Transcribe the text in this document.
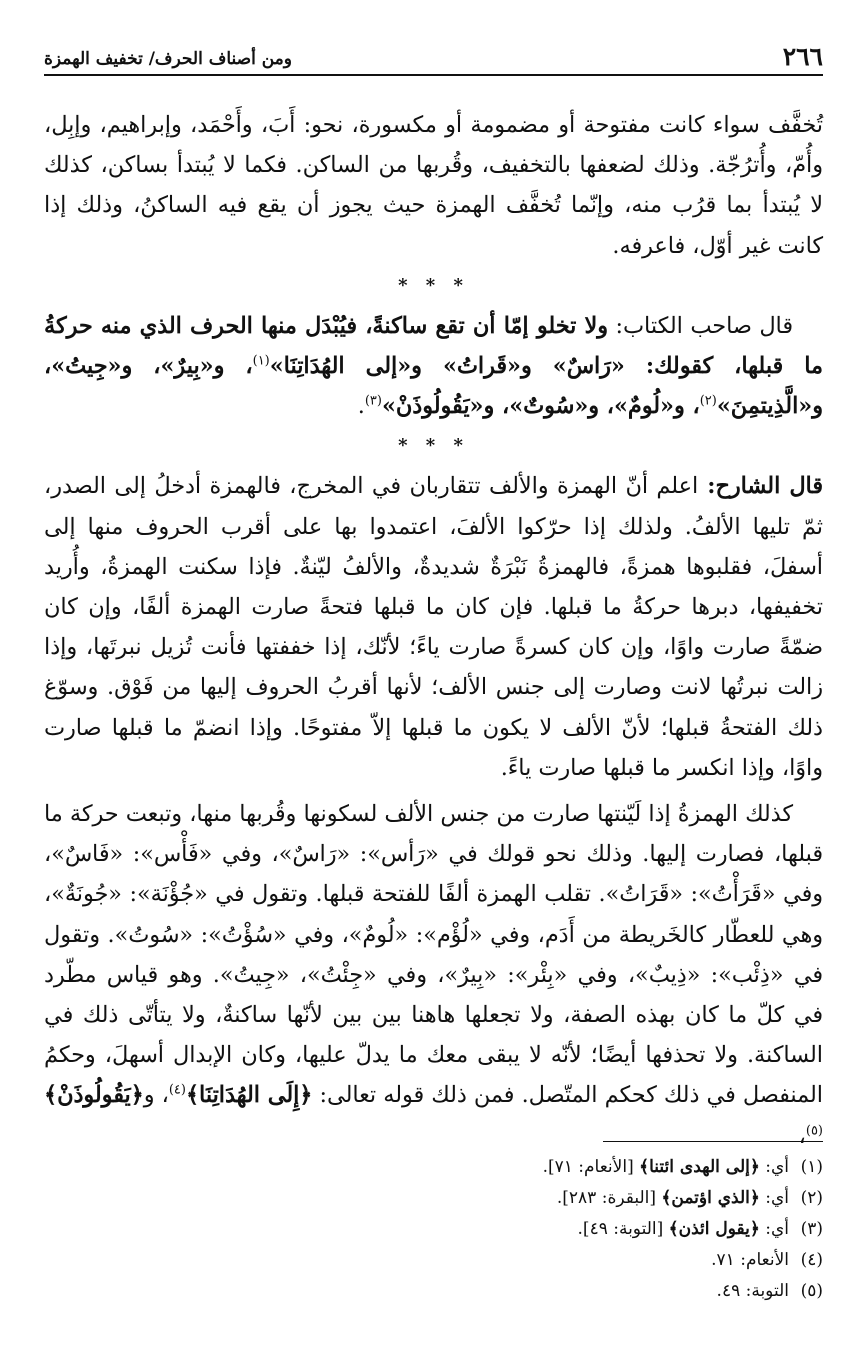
٢٦٦
ومن أصناف الحرف/ تخفيف الهمزة

تُخفَّف سواء كانت مفتوحة أو مضمومة أو مكسورة، نحو: أَبَ، وأَحْمَد، وإبراهيم، وإبِل، وأُمّ، وأُترُجّة. وذلك لضعفها بالتخفيف، وقُربها من الساكن. فكما لا يُبتدأ بساكن، كذلك لا يُبتدأ بما قرُب منه، وإنّما تُخفَّف الهمزة حيث يجوز أن يقع فيه الساكنُ، وذلك إذا كانت غير أوّل، فاعرفه.

* * *

قال صاحب الكتاب: ولا تخلو إمّا أن تقع ساكنةً، فيُبْدَل منها الحرف الذي منه حركةُ ما قبلها، كقولك: «رَاسٌ» و«قَراتُ» و«إلى الهُدَاتِنَا»$^{(١)}$، و«بِيرٌ»، و«جِيتُ»، و«الَّذِيتمِنَ»$^{(٢)}$، و«لُومٌ»، و«سُوتٌ»، و«يَقُولُوذَنْ»$^{(٣)}$.

* * *

قال الشارح: اعلم أنّ الهمزة والألف تتقاربان في المخرج، فالهمزة أدخلُ إلى الصدر، ثمّ تليها الألفُ. ولذلك إذا حرّكوا الألفَ، اعتمدوا بها على أقرب الحروف منها إلى أسفلَ، فقلبوها همزةً، فالهمزةُ نَبْرَةٌ شديدةٌ، والألفُ ليّنةٌ. فإذا سكنت الهمزةُ، وأُريد تخفيفها، دبرها حركةُ ما قبلها. فإن كان ما قبلها فتحةً صارت الهمزة ألفًا، وإن كان ضمّةً صارت واوًا، وإن كان كسرةً صارت ياءً؛ لأنّك، إذا خففتها فأنت تُزيل نبرتَها، وإذا زالت نبرتُها لانت وصارت إلى جنس الألف؛ لأنها أقربُ الحروف إليها من فَوْق. وسوّغ ذلك الفتحةُ قبلها؛ لأنّ الألف لا يكون ما قبلها إلاّ مفتوحًا. وإذا انضمّ ما قبلها صارت واوًا، وإذا انكسر ما قبلها صارت ياءً.

كذلك الهمزةُ إذا لَيّنتها صارت من جنس الألف لسكونها وقُربها منها، وتبعت حركة ما قبلها، فصارت إليها. وذلك نحو قولك في «رَأس»: «رَاسٌ»، وفي «فَأْس»: «فَاسٌ»، وفي «قَرَأْتُ»: «قَرَاتُ». تقلب الهمزة ألفًا للفتحة قبلها. وتقول في «جُؤْنَة»: «جُونَةٌ»، وهي للعطّار كالخَريطة من أَدَم، وفي «لُؤْم»: «لُومٌ»، وفي «سُؤْتُ»: «سُوتُ». وتقول في «ذِئْب»: «ذِيبٌ»، وفي «بِئْر»: «بِيرٌ»، وفي «جِئْتُ»، «جِيتُ». وهو قياس مطّرد في كلّ ما كان بهذه الصفة، ولا تجعلها هاهنا بين بين لأنّها ساكنةٌ، ولا يتأتّى ذلك في الساكنة. ولا تحذفها أيضًا؛ لأنّه لا يبقى معك ما يدلّ عليها، وكان الإبدال أسهلَ، وحكمُ المنفصل في ذلك كحكم المتّصل. فمن ذلك قوله تعالى: ﴿إِلَى الهُدَاتِنَا﴾$^{(٤)}$، و﴿يَقُولُوذَنْ﴾$^{(٥)}$،

(١)أي: ﴿إلى الهدى ائتنا﴾ [الأنعام: ٧١].
(٢)أي: ﴿الذي اؤتمن﴾ [البقرة: ٢٨٣].
(٣)أي: ﴿يقول ائذن﴾ [التوبة: ٤٩].
(٤)الأنعام: ٧١.
(٥)التوبة: ٤٩.
